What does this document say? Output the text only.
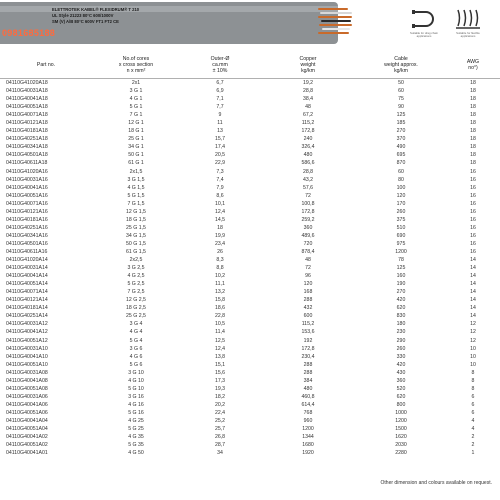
ELETTROTEK KABEL® FLEXIDRUM® T 210
UL Style 21223 80°C 600/1000V
SM (V) A/B 80°C 600V FT1 FT2 CE
0981685188	Suitable for drag chain applications
Suitable for flexible applications
Part no.	No.of cores
x cross section
n x mm²	Outer-Ø
ca.mm
± 10%	Copper
weight
kg/km	Cable
weight approx.
kg/km	AWG
no°)
04110G41020A18	2x1	6,7	19,2	50	18
04110G40031A18	3 G 1	6,9	28,8	60	18
04110G40041A18	4 G 1	7,1	38,4	75	18
04110G40051A18	5 G 1	7,7	48	90	18
04110G40071A18	7 G 1	9	67,2	125	18
04110G40121A18	12 G 1	11	115,2	185	18
04110G40181A18	18 G 1	13	172,8	270	18
04110G40251A18	25 G 1	15,7	240	370	18
04110G40341A18	34 G 1	17,4	326,4	490	18
04110G40501A18	50 G 1	20,5	480	695	18
04110G40611A18	61 G 1	22,9	586,6	870	18
04110G41020A16	2x1,5	7,3	28,8	60	16
04110G40031A16	3 G 1,5	7,4	43,2	80	16
04110G40041A16	4 G 1,5	7,9	57,6	100	16
04110G40051A16	5 G 1,5	8,6	72	120	16
04110G40071A16	7 G 1,5	10,1	100,8	170	16
04110G40121A16	12 G 1,5	12,4	172,8	260	16
04110G40181A16	18 G 1,5	14,5	259,2	375	16
04110G40251A16	25 G 1,5	18	360	510	16
04110G40341A16	34 G 1,5	19,9	489,6	690	16
04110G40501A16	50 G 1,5	23,4	720	975	16
04110G40611A16	61 G 1,5	26	878,4	1200	16
04110G41020A14	2x2,5	8,3	48	78	14
04110G40031A14	3 G 2,5	8,8	72	125	14
04110G40041A14	4 G 2,5	10,2	96	160	14
04110G40051A14	5 G 2,5	11,1	120	190	14
04110G40071A14	7 G 2,5	13,2	168	270	14
04110G40121A14	12 G 2,5	15,8	288	420	14
04110G40181A14	18 G 2,5	18,6	432	620	14
04110G40251A14	25 G 2,5	22,8	600	830	14
04110G40031A12	3 G 4	10,5	115,2	180	12
04110G40041A12	4 G 4	11,4	153,6	230	12
04110G40051A12	5 G 4	12,5	192	290	12
04110G40031A10	3 G 6	12,4	172,8	260	10
04110G40041A10	4 G 6	13,8	230,4	330	10
04110G40051A10	5 G 6	15,1	288	420	10
04110G40031A08	3 G 10	15,6	288	430	8
04110G40041A08	4 G 10	17,3	384	360	8
04110G40051A08	5 G 10	19,3	480	520	8
04110G40031A06	3 G 16	18,2	460,8	620	6
04110G40041A06	4 G 16	20,2	614,4	800	6
04110G40051A06	5 G 16	22,4	768	1000	6
04110G40041A04	4 G 25	25,2	960	1200	4
04110G40051A04	5 G 25	25,7	1200	1500	4
04110G40041A02	4 G 35	26,8	1344	1620	2
04110G40051A02	5 G 35	28,7	1680	2030	2
04110G40041A01	4 G 50	34	1920	2280	1
Other dimension and colours available on request.
